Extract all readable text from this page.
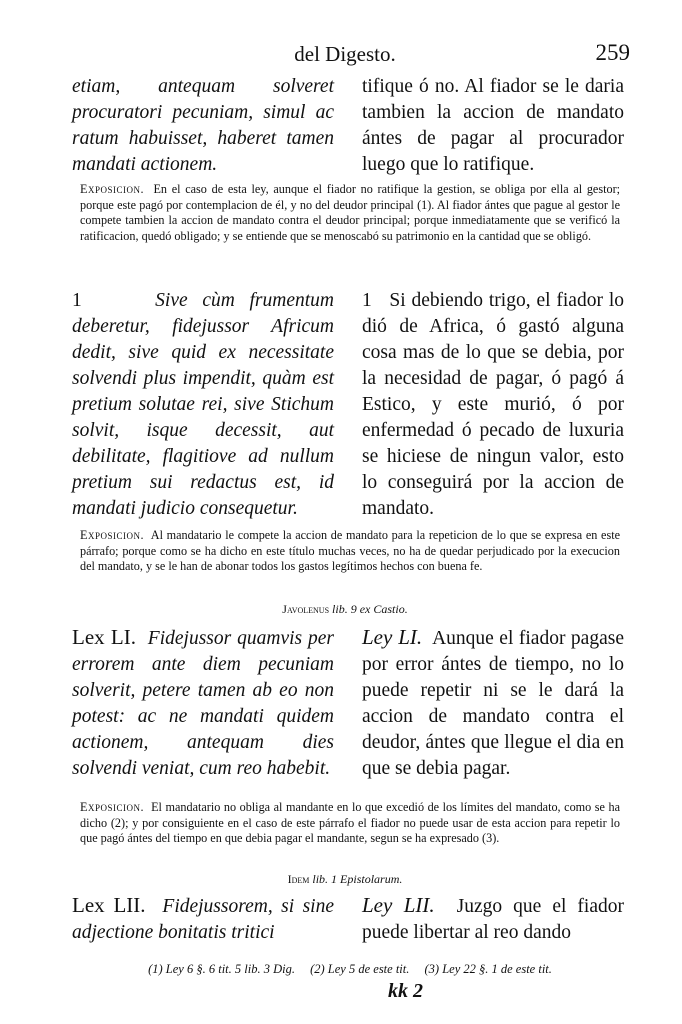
del Digesto.	259

etiam, antequam solveret procuratori pecuniam, simul ac ratum habuisset, haberet tamen mandati actionem.

tifique ó no. Al fiador se le daria tambien la accion de mandato ántes de pagar al procurador luego que lo ratifique.

Exposicion. En el caso de esta ley, aunque el fiador no ratifique la gestion, se obliga por ella al gestor; porque este pagó por contemplacion de él, y no del deudor principal (1). Al fiador ántes que pague al gestor le compete tambien la accion de mandato contra el deudor principal; porque inmediatamente que se verificó la ratificacion, quedó obligado; y se entiende que se menoscabó su patrimonio en la cantidad que se obligó.

1	Sive cùm frumentum deberetur, fidejussor Africum dedit, sive quid ex necessitate solvendi plus impendit, quàm est pretium solutae rei, sive Stichum solvit, isque decessit, aut debilitate, flagitiove ad nullum pretium sui redactus est, id mandati judicio consequetur.

1 Si debiendo trigo, el fiador lo dió de Africa, ó gastó alguna cosa mas de lo que se debia, por la necesidad de pagar, ó pagó á Estico, y este murió, ó por enfermedad ó pecado de luxuria se hiciese de ningun valor, esto lo conseguirá por la accion de mandato.

Exposicion. Al mandatario le compete la accion de mandato para la repeticion de lo que se expresa en este párrafo; porque como se ha dicho en este título muchas veces, no ha de quedar perjudicado por la execucion del mandato, y se le han de abonar todos los gastos legítimos hechos con buena fe.

Javolenus lib. 9 ex Castio.

Lex LI. Fidejussor quamvis per errorem ante diem pecuniam solverit, petere tamen ab eo non potest: ac ne mandati quidem actionem, antequam dies solvendi veniat, cum reo habebit.

Ley LI. Aunque el fiador pagase por error ántes de tiempo, no lo puede repetir ni se le dará la accion de mandato contra el deudor, ántes que llegue el dia en que se debia pagar.

Exposicion. El mandatario no obliga al mandante en lo que excedió de los límites del mandato, como se ha dicho (2); y por consiguiente en el caso de este párrafo el fiador no puede usar de esta accion para repetir lo que pagó ántes del tiempo en que debia pagar el mandante, segun se ha expresado (3).

Idem lib. 1 Epistolarum.

Lex LII. Fidejussorem, si sine adjectione bonitatis tritici

Ley LII. Juzgo que el fiador puede libertar al reo dando

(1) Ley 6 §. 6 tit. 5 lib. 3 Dig. (2) Ley 5 de este tit. (3) Ley 22 §. 1 de este tit.
kk 2
